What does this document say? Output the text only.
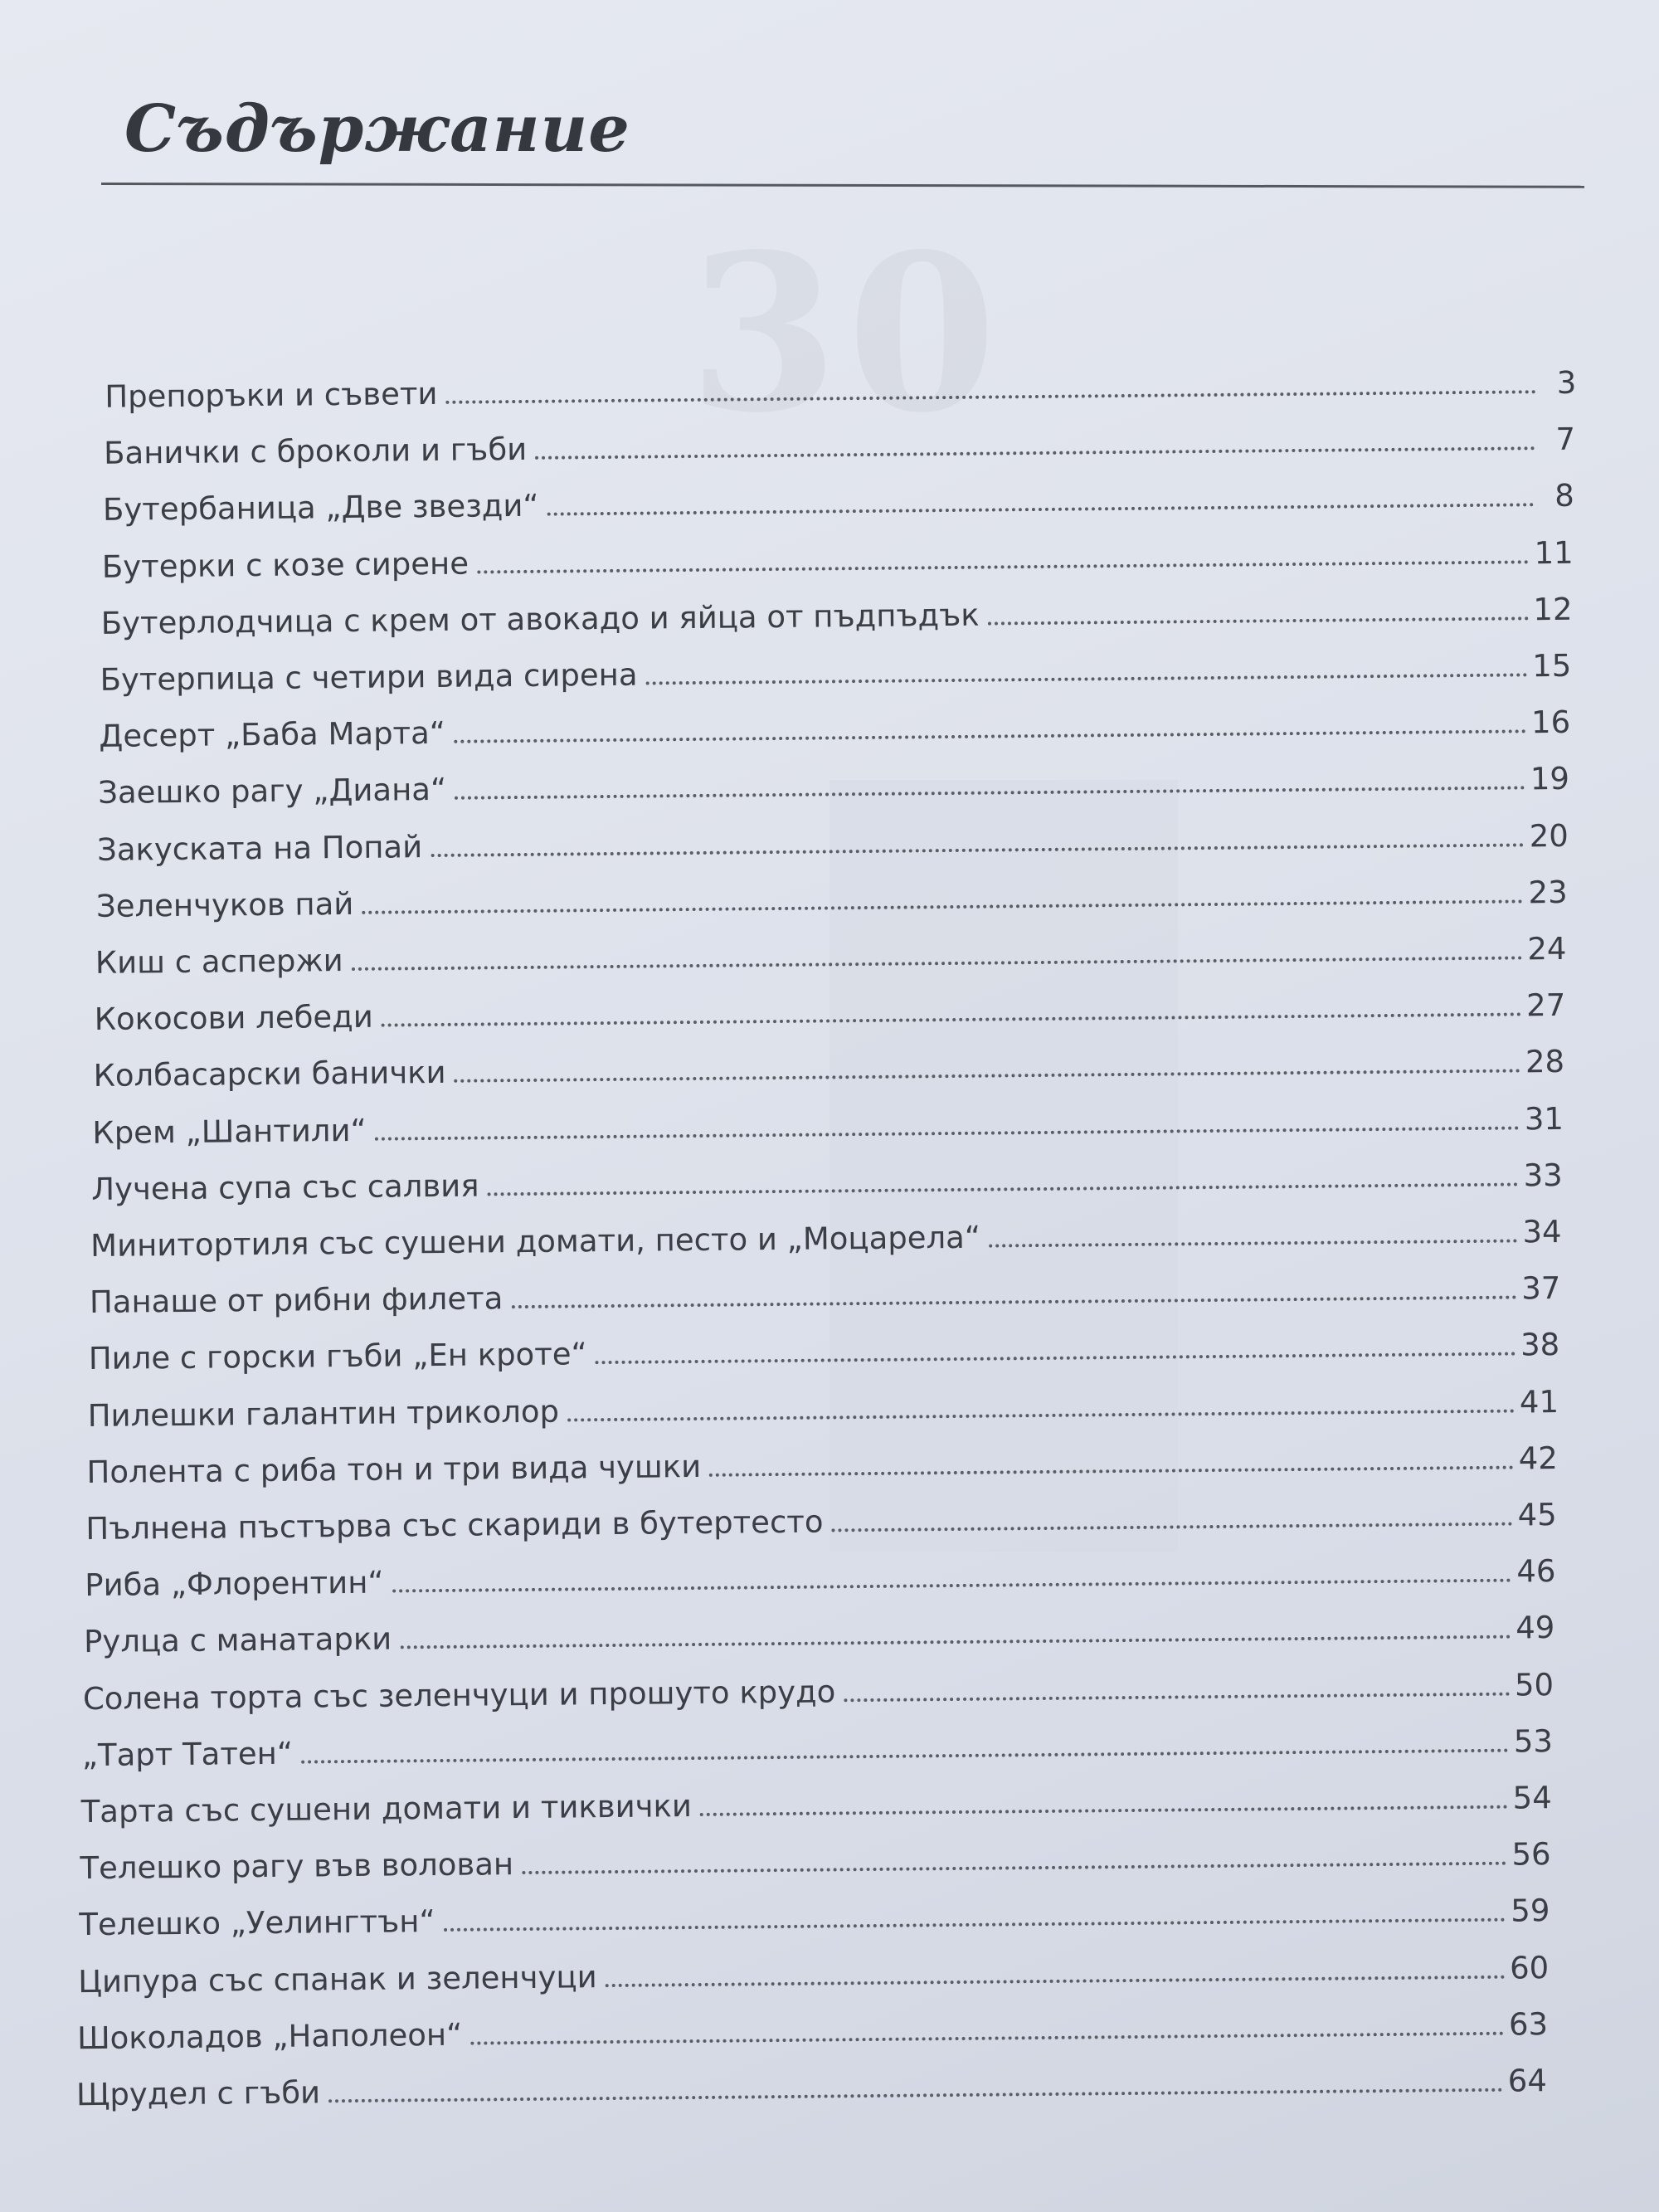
30
Съдържание
Препоръки и съвети	3
Банички с броколи и гъби	7
Бутербаница „Две звезди“	8
Бутерки с козе сирене	11
Бутерлодчица с крем от авокадо и яйца от пъдпъдък	12
Бутерпица с четири вида сирена	15
Десерт „Баба Марта“	16
Заешко рагу „Диана“	19
Закуската на Попай	20
Зеленчуков пай	23
Киш с аспержи	24
Кокосови лебеди	27
Колбасарски банички	28
Крем „Шантили“	31
Лучена супа със салвия	33
Минитортиля със сушени домати, песто и „Моцарела“	34
Панаше от рибни филета	37
Пиле с горски гъби „Ен кроте“	38
Пилешки галантин триколор	41
Полента с риба тон и три вида чушки	42
Пълнена пъстърва със скариди в бутертесто	45
Риба „Флорентин“	46
Рулца с манатарки	49
Солена торта със зеленчуци и прошуто крудо	50
„Тарт Татен“	53
Тарта със сушени домати и тиквички	54
Телешко рагу във волован	56
Телешко „Уелингтън“	59
Ципура със спанак и зеленчуци	60
Шоколадов „Наполеон“	63
Щрудел с гъби	64
